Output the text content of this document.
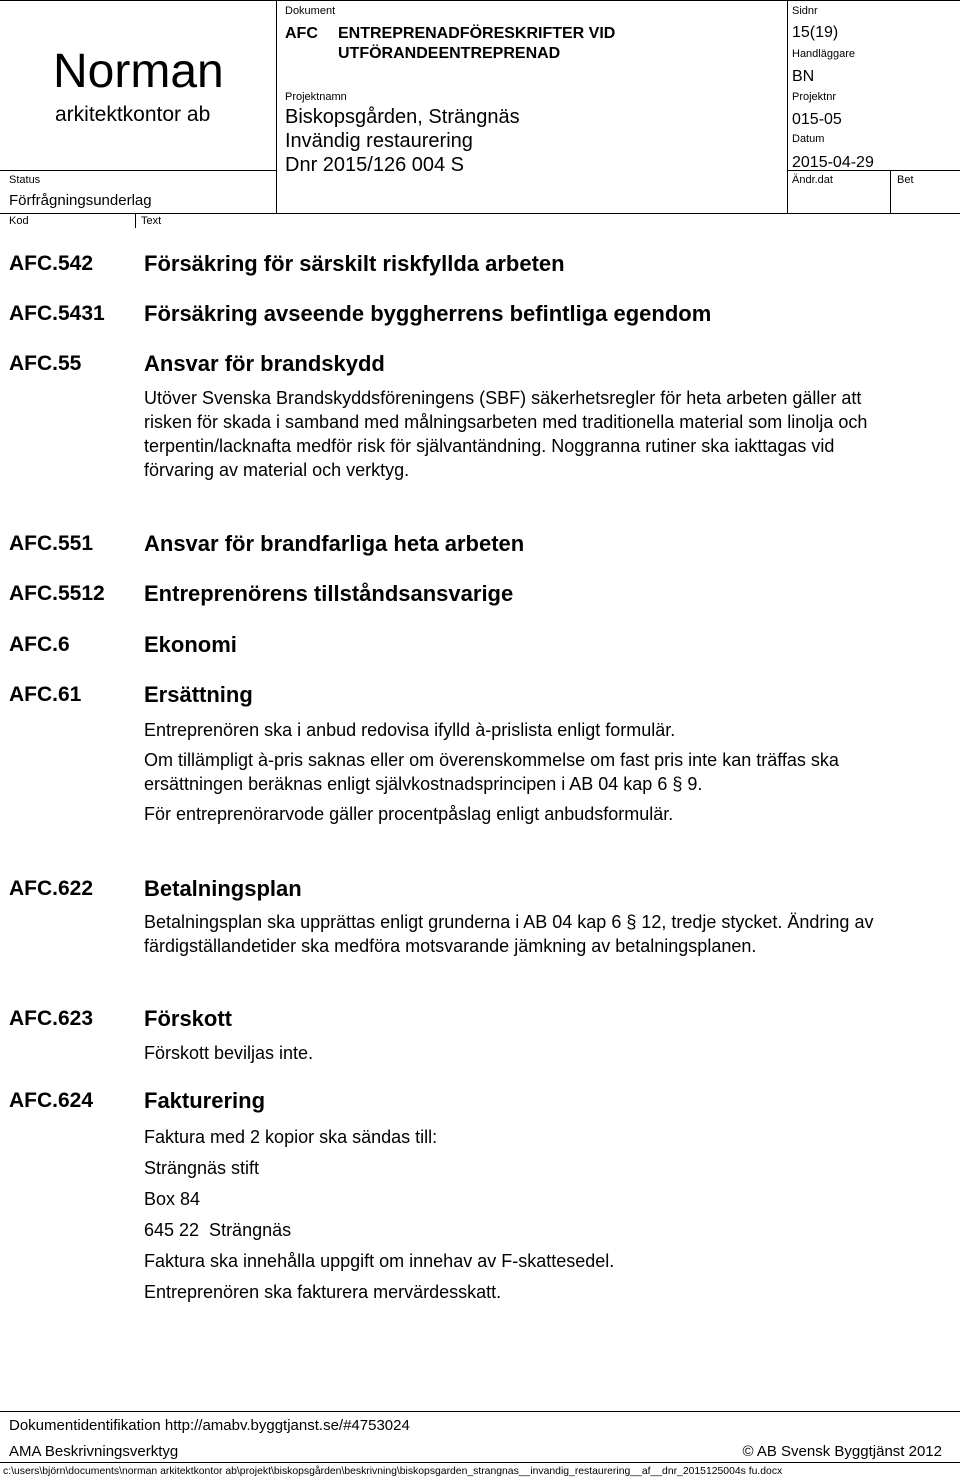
Norman
arkitektkontor ab
Status
Förfrågningsunderlag
Kod	Text
Dokument
AFC ENTREPRENADFÖRESKRIFTER VID
UTFÖRANDEENTREPRENAD
Projektnamn
Biskopsgården, Strängnäs
Invändig restaurering
Dnr 2015/126 004 S
Sidnr
15(19)
Handläggare
BN
Projektnr
015-05
Datum
2015-04-29
Ändr.dat	Bet
AFC.542 Försäkring för särskilt riskfyllda arbeten
AFC.5431 Försäkring avseende byggherrens befintliga egendom
AFC.55	Ansvar för brandskydd

Utöver Svenska Brandskyddsföreningens (SBF) säkerhetsregler för heta arbeten gäller att risken för skada i samband med målningsarbeten med traditionella material som linolja och terpentin/lacknafta medför risk för självantändning. Noggranna rutiner ska iakttagas vid förvaring av material och verktyg.

AFC.551 Ansvar för brandfarliga heta arbeten
AFC.5512 Entreprenörens tillståndsansvarige
AFC.6	Ekonomi
AFC.61	Ersättning

Entreprenören ska i anbud redovisa ifylld à-prislista enligt formulär.

Om tillämpligt à-pris saknas eller om överenskommelse om fast pris inte kan träffas ska ersättningen beräknas enligt självkostnadsprincipen i AB 04 kap 6 § 9.

För entreprenörarvode gäller procentpåslag enligt anbudsformulär.

AFC.622 Betalningsplan

Betalningsplan ska upprättas enligt grunderna i AB 04 kap 6 § 12, tredje stycket. Ändring av färdigställandetider ska medföra motsvarande jämkning av betalningsplanen.

AFC.623 Förskott

Förskott beviljas inte.

AFC.624 Fakturering

Faktura med 2 kopior ska sändas till:

Strängnäs stift

Box 84

645 22  Strängnäs

Faktura ska innehålla uppgift om innehav av F-skattesedel.

Entreprenören ska fakturera mervärdesskatt.

Dokumentidentifikation http://amabv.byggtjanst.se/#4753024
AMA Beskrivningsverktyg	© AB Svensk Byggtjänst 2012
c:\users\björn\documents\norman arkitektkontor ab\projekt\biskopsgården\beskrivning\biskopsgarden_strangnas__invandig_restaurering__af__dnr_2015125004s fu.docx
